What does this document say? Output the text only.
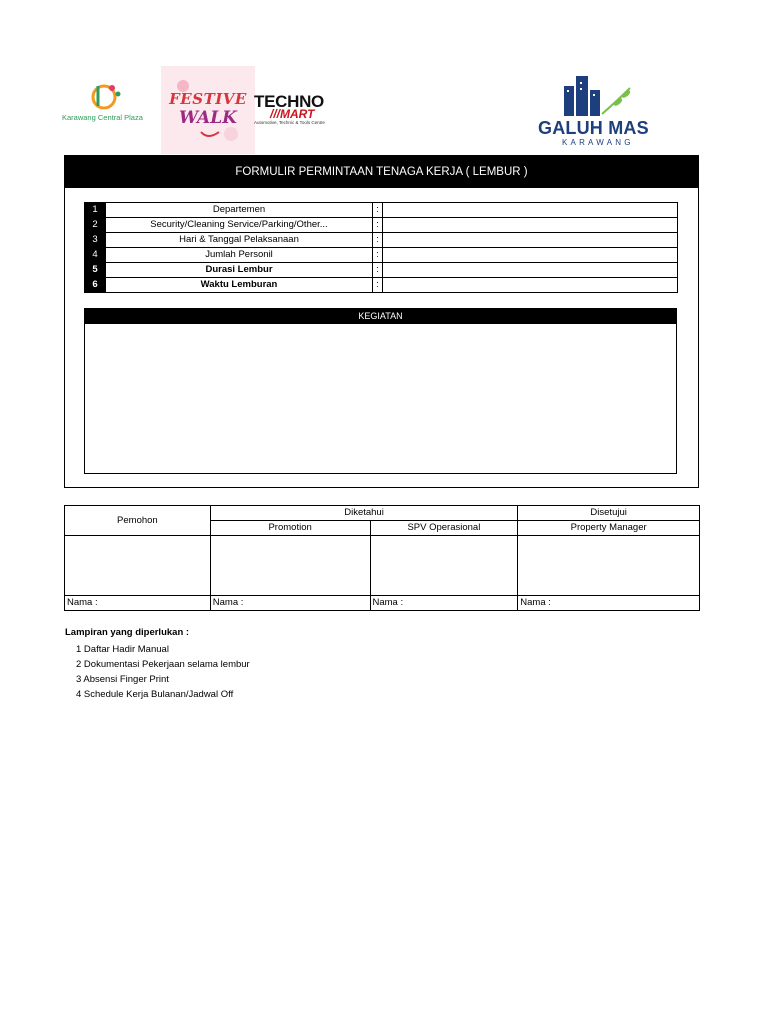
Karawang Central Plaza
FESTIVE
WALK
TECHNO
///MART
Automotive, Technic & Tools Centre	GALUH MAS
KARAWANG
FORMULIR PERMINTAAN TENAGA KERJA ( LEMBUR )
1	Departemen	:	
2	Security/Cleaning Service/Parking/Other...	:	
3	Hari & Tanggal Pelaksanaan	:	
4	Jumlah Personil	:	
5	Durasi Lembur	:	
6	Waktu Lemburan	:	
KEGIATAN
Pemohon	Diketahui		Disetujui
	Promotion	SPV Operasional	Property Manager

Nama :	Nama :	Nama :	Nama :
Lampiran yang diperlukan :
1 Daftar Hadir Manual
2 Dokumentasi Pekerjaan selama lembur
3 Absensi Finger Print
4 Schedule Kerja Bulanan/Jadwal Off
